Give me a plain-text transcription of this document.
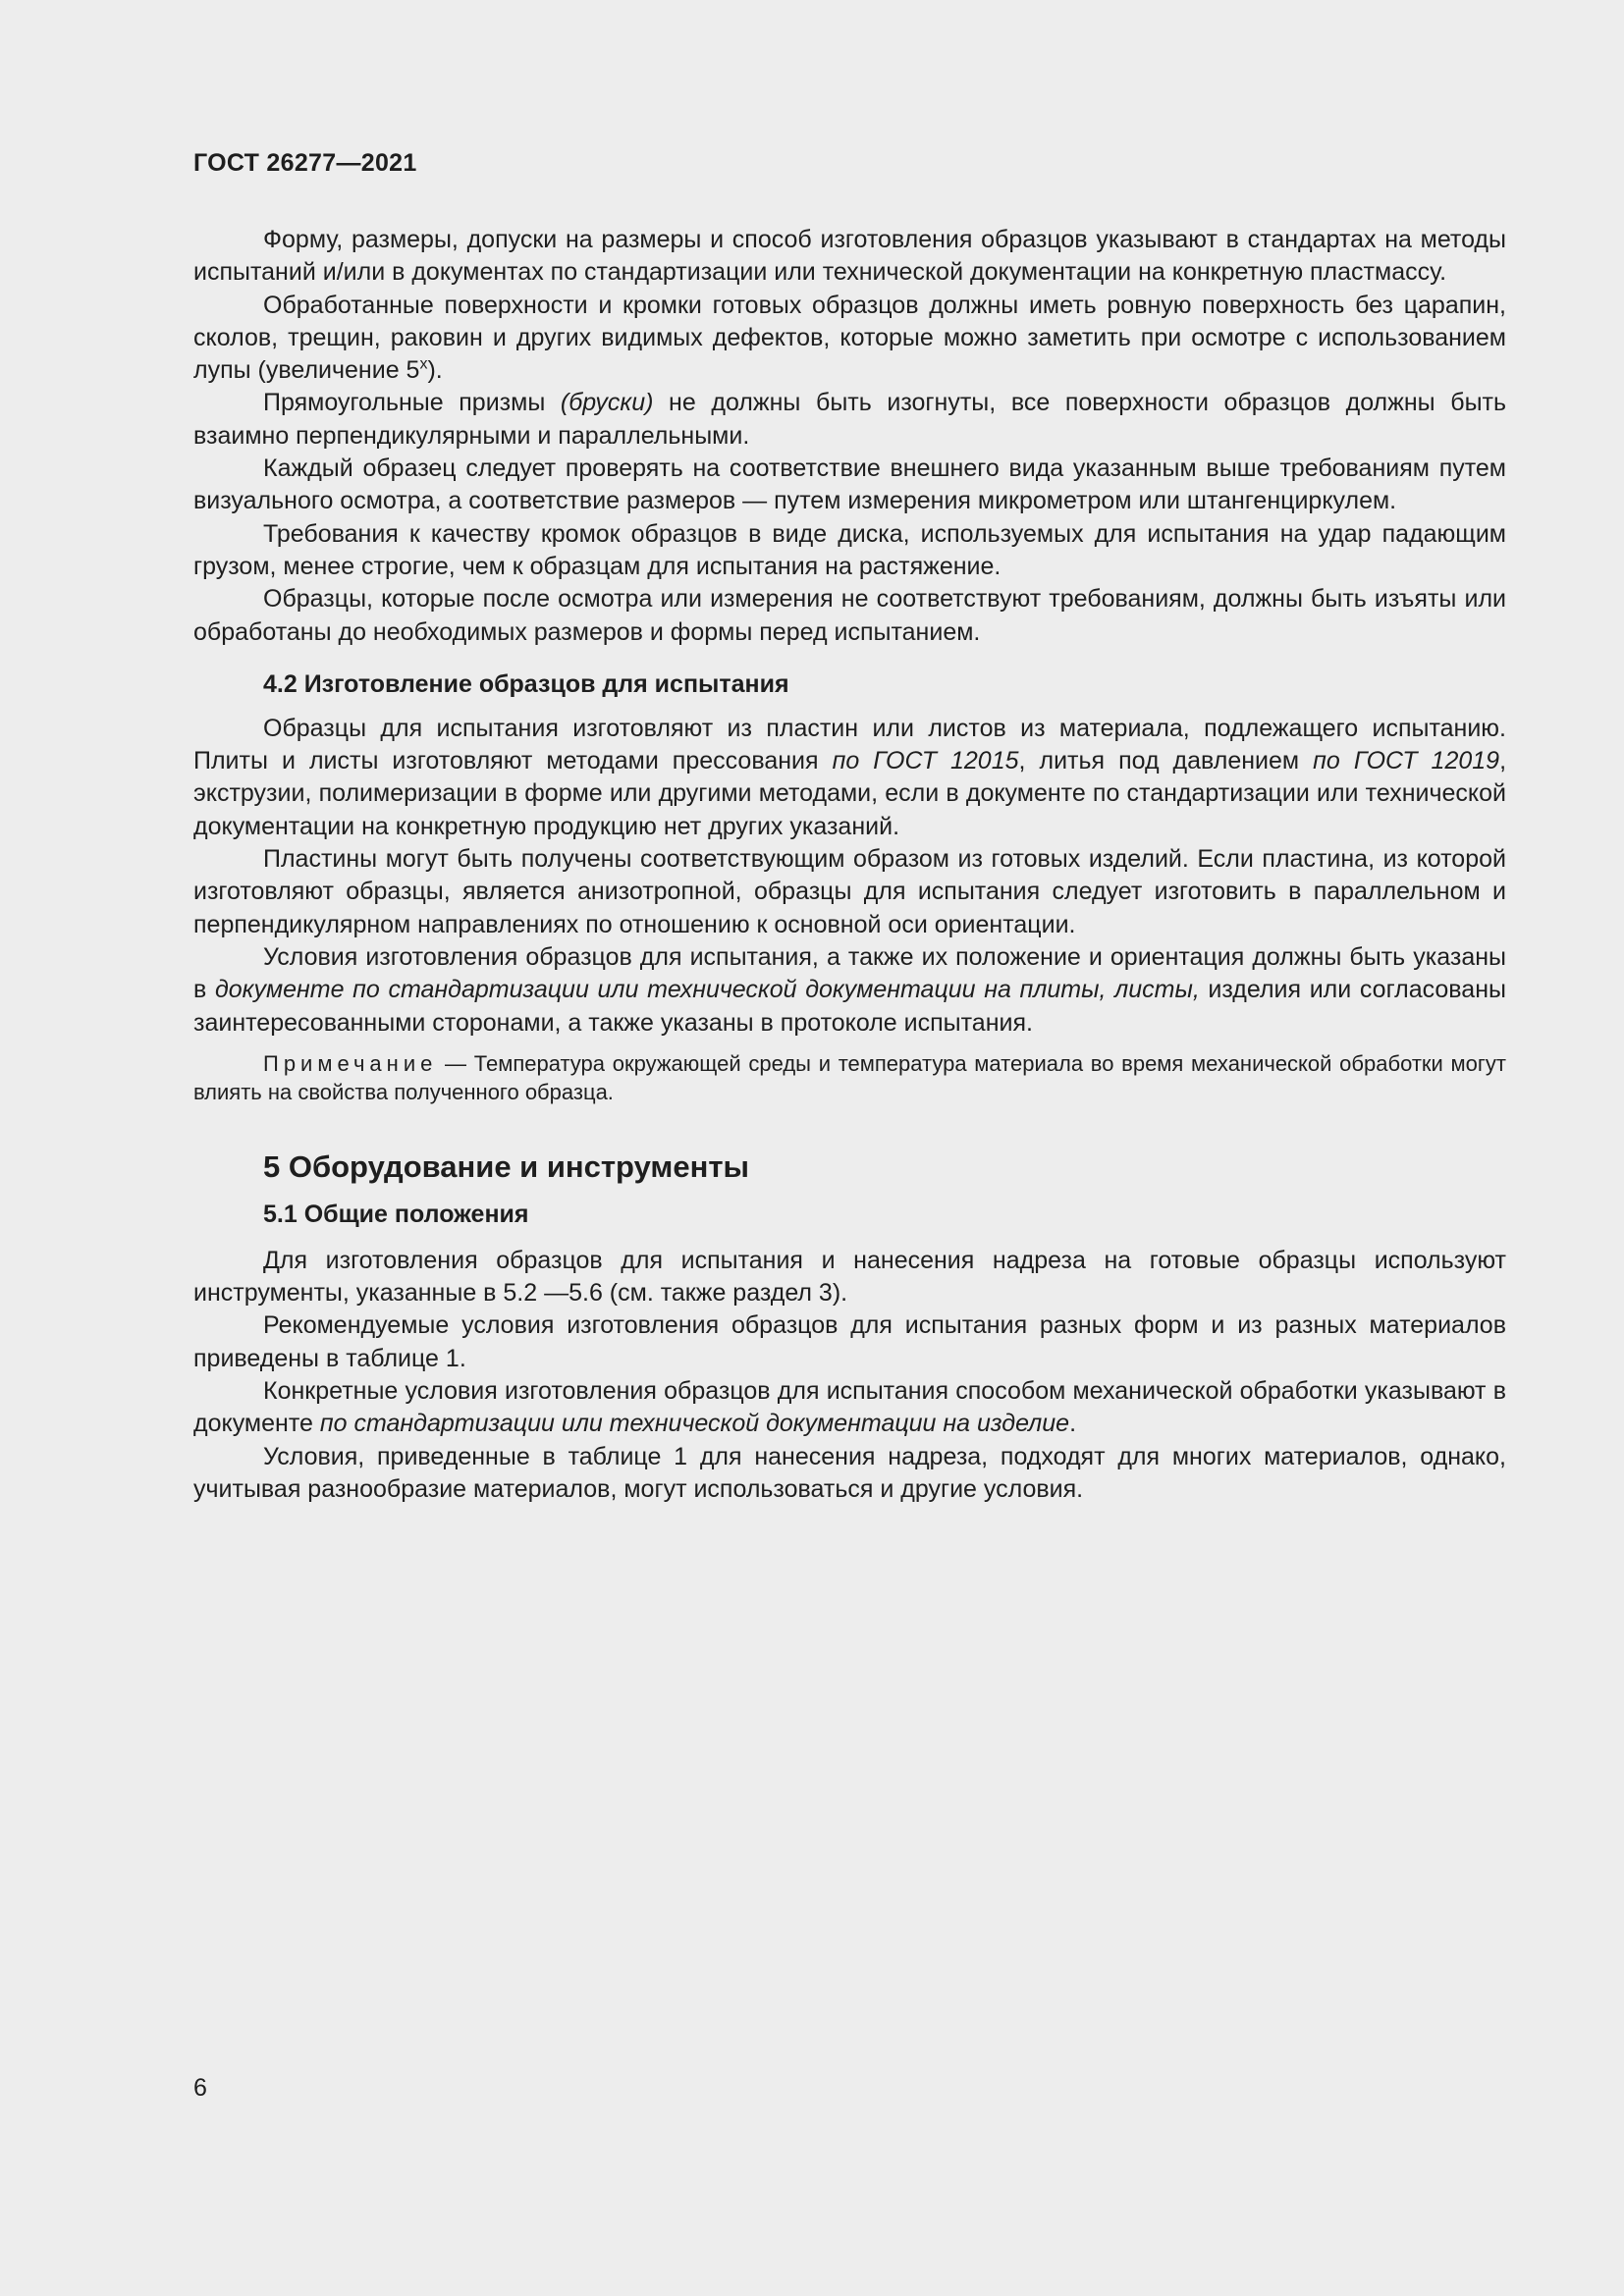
ГОСТ 26277—2021

Форму, размеры, допуски на размеры и способ изготовления образцов указывают в стандартах на методы испытаний и/или в документах по стандартизации или технической документации на конкретную пластмассу.

Обработанные поверхности и кромки готовых образцов должны иметь ровную поверхность без царапин, сколов, трещин, раковин и других видимых дефектов, которые можно заметить при осмотре с использованием лупы (увеличение 5$^x$).

Прямоугольные призмы (бруски) не должны быть изогнуты, все поверхности образцов должны быть взаимно перпендикулярными и параллельными.

Каждый образец следует проверять на соответствие внешнего вида указанным выше требованиям путем визуального осмотра, а соответствие размеров — путем измерения микрометром или штангенциркулем.

Требования к качеству кромок образцов в виде диска, используемых для испытания на удар падающим грузом, менее строгие, чем к образцам для испытания на растяжение.

Образцы, которые после осмотра или измерения не соответствуют требованиям, должны быть изъяты или обработаны до необходимых размеров и формы перед испытанием.

4.2 Изготовление образцов для испытания

Образцы для испытания изготовляют из пластин или листов из материала, подлежащего испытанию. Плиты и листы изготовляют методами прессования по ГОСТ 12015, литья под давлением по ГОСТ 12019, экструзии, полимеризации в форме или другими методами, если в документе по стандартизации или технической документации на конкретную продукцию нет других указаний.

Пластины могут быть получены соответствующим образом из готовых изделий. Если пластина, из которой изготовляют образцы, является анизотропной, образцы для испытания следует изготовить в параллельном и перпендикулярном направлениях по отношению к основной оси ориентации.

Условия изготовления образцов для испытания, а также их положение и ориентация должны быть указаны в документе по стандартизации или технической документации на плиты, листы, изделия или согласованы заинтересованными сторонами, а также указаны в протоколе испытания.

Примечание — Температура окружающей среды и температура материала во время механической обработки могут влиять на свойства полученного образца.

5 Оборудование и инструменты
5.1 Общие положения

Для изготовления образцов для испытания и нанесения надреза на готовые образцы используют инструменты, указанные в 5.2 —5.6 (см. также раздел 3).

Рекомендуемые условия изготовления образцов для испытания разных форм и из разных материалов приведены в таблице 1.

Конкретные условия изготовления образцов для испытания способом механической обработки указывают в документе по стандартизации или технической документации на изделие.

Условия, приведенные в таблице 1 для нанесения надреза, подходят для многих материалов, однако, учитывая разнообразие материалов, могут использоваться и другие условия.

6
